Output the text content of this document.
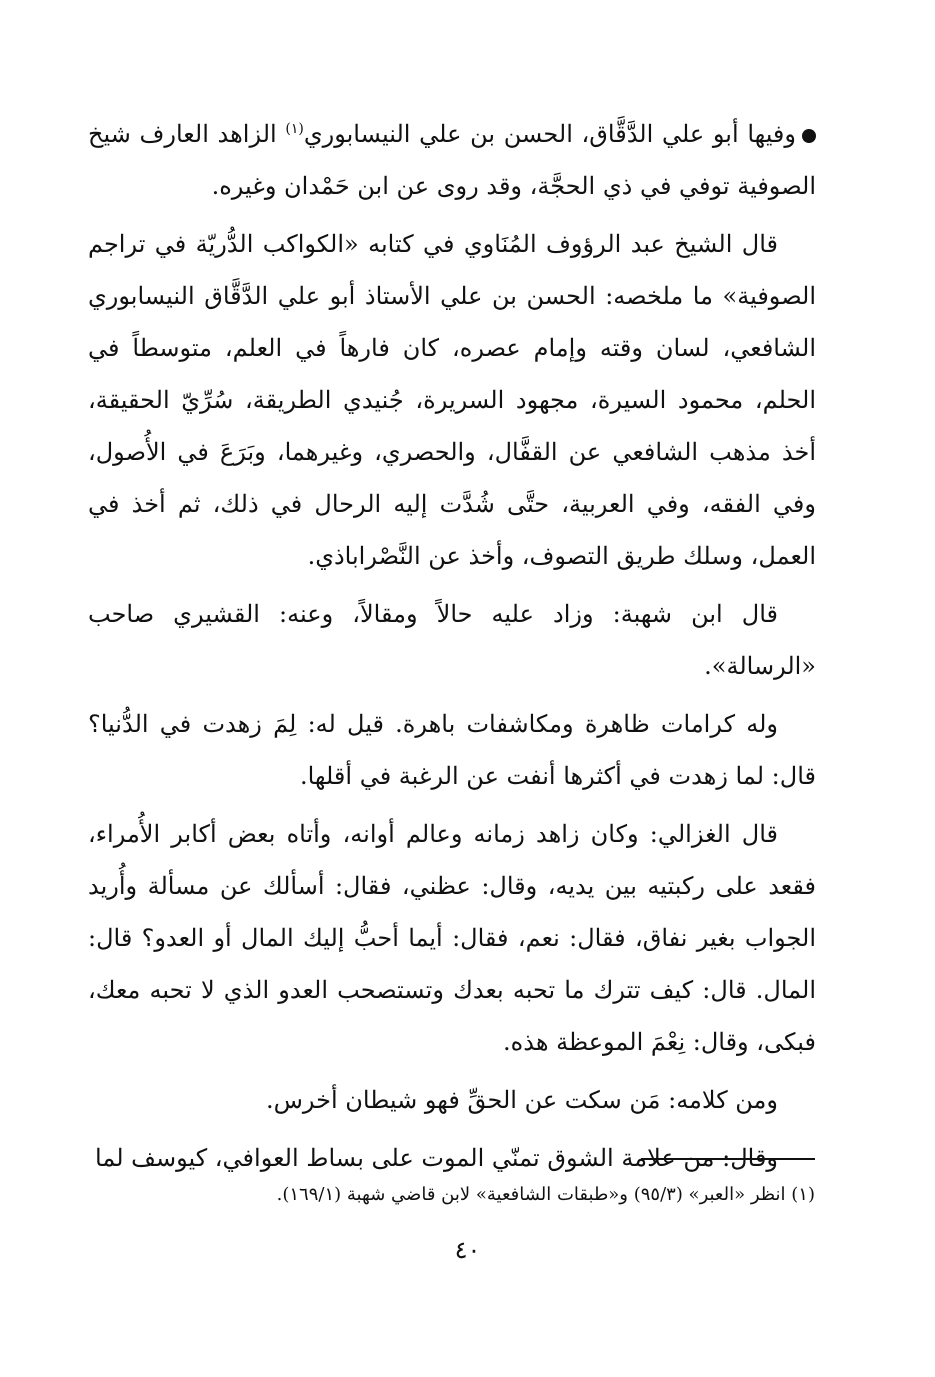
وفيها أبو علي الدَّقَّاق، الحسن بن علي النيسابوري$^{(١)}$ الزاهد العارف شيخ الصوفية توفي في ذي الحجَّة، وقد روى عن ابن حَمْدان وغيره.

قال الشيخ عبد الرؤوف المُنَاوي في كتابه «الكواكب الدُّريّة في تراجم الصوفية» ما ملخصه: الحسن بن علي الأستاذ أبو علي الدَّقَّاق النيسابوري الشافعي، لسان وقته وإمام عصره، كان فارهاً في العلم، متوسطاً في الحلم، محمود السيرة، مجهود السريرة، جُنيدي الطريقة، سُرِّيّ الحقيقة، أخذ مذهب الشافعي عن القفَّال، والحصري، وغيرهما، وبَرَعَ في الأُصول، وفي الفقه، وفي العربية، حتَّى شُدَّت إليه الرحال في ذلك، ثم أخذ في العمل، وسلك طريق التصوف، وأخذ عن النَّصْراباذي.

قال ابن شهبة: وزاد عليه حالاً ومقالاً، وعنه: القشيري صاحب «الرسالة».

وله كرامات ظاهرة ومكاشفات باهرة. قيل له: لِمَ زهدت في الدُّنيا؟ قال: لما زهدت في أكثرها أنفت عن الرغبة في أقلها.

قال الغزالي: وكان زاهد زمانه وعالم أوانه، وأتاه بعض أكابر الأُمراء، فقعد على ركبتيه بين يديه، وقال: عظني، فقال: أسألك عن مسألة وأُريد الجواب بغير نفاق، فقال: نعم، فقال: أيما أحبُّ إليك المال أو العدو؟ قال: المال. قال: كيف تترك ما تحبه بعدك وتستصحب العدو الذي لا تحبه معك، فبكى، وقال: نِعْمَ الموعظة هذه.

ومن كلامه: مَن سكت عن الحقِّ فهو شيطان أخرس.

وقال: من علامة الشوق تمنّي الموت على بساط العوافي، كيوسف لما

(١) انظر «العبر» (٩٥/٣) و«طبقات الشافعية» لابن قاضي شهبة (١٦٩/١).
٤٠
